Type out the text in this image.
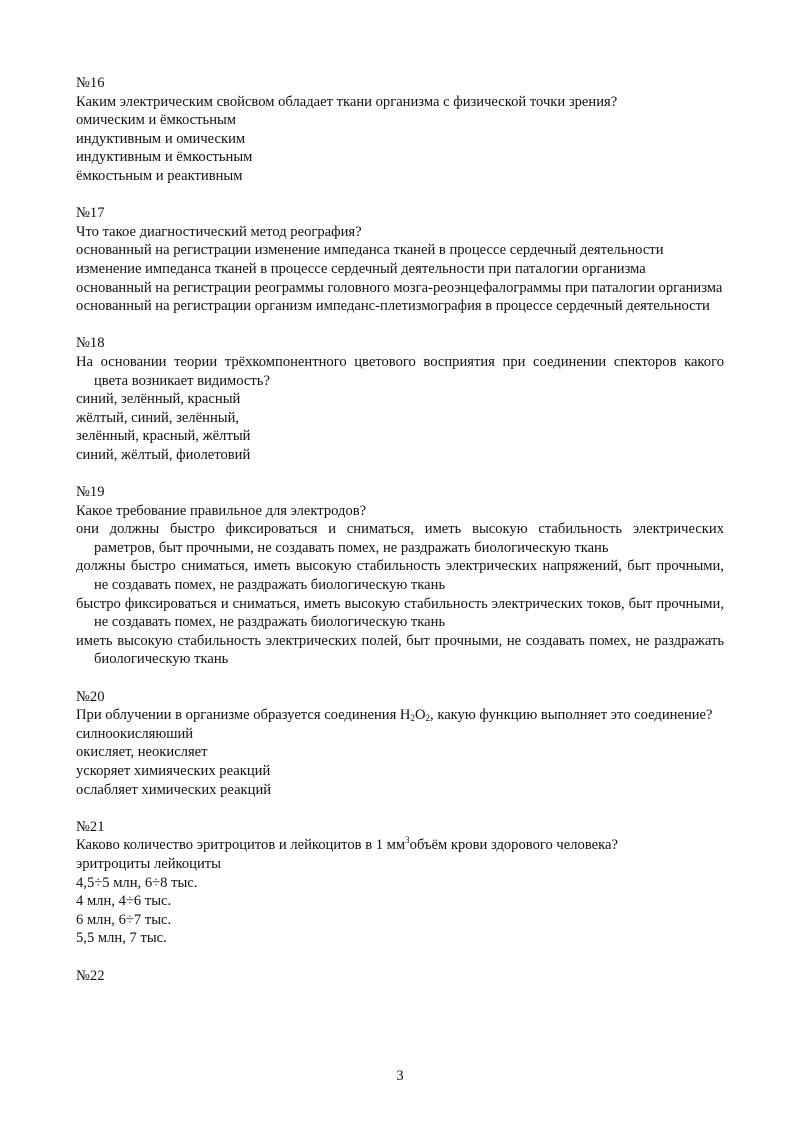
№16
Каким электрическим свойсвом обладает ткани организма с физической точки зрения?
омическим и ёмкостьным
индуктивным и омическим
индуктивным и ёмкостьным
ёмкостьным и реактивным
№17
Что такое диагностический метод реография?
основанный на регистрации изменение импеданса тканей в процессе сердечный деятельности
изменение импеданса тканей в процессе сердечный деятельности при паталогии организма
основанный на регистрации реограммы головного мозга-реоэнцефалограммы при паталогии организма
основанный на регистрации организм импеданс-плетизмография в процессе сердечный деятельности
№18
На основании теории трёхкомпонентного цветового восприятия при соединении спекторов какого цвета возникает видимость?
синий, зелённый, красный
жёлтый, синий, зелённый,
зелённый, красный, жёлтый
синий, жёлтый, фиолетовий
№19
Какое требование правильное для электродов?
они должны быстро фиксироваться и сниматься, иметь высокую стабильность электрических раметров, быт прочными, не создавать помех, не раздражать биологическую ткань
должны быстро сниматься, иметь высокую стабильность электрических напряжений, быт прочными, не создавать помех, не раздражать биологическую ткань
быстро фиксироваться и сниматься, иметь высокую стабильность электрических токов, быт прочными, не создавать помех, не раздражать биологическую ткань
иметь высокую стабильность электрических полей, быт прочными, не создавать помех, не раздражать биологическую ткань
№20
При облучении в организме образуется соединения $H_2O_2$, какую функцию выполняет это соединение?
силноокисляюший
окисляет, неокисляет
ускоряет химияческих реакций
ослабляет химических реакций
№21
Каково количество эритроцитов и лейкоцитов в 1 $мм^3объём$ крови здорового человека?
эритроциты лейкоциты
4,5÷5 млн, 6÷8 тыс.
4 млн, 4÷6 тыс.
6 млн, 6÷7 тыс.
5,5 млн, 7 тыс.
№22
3
